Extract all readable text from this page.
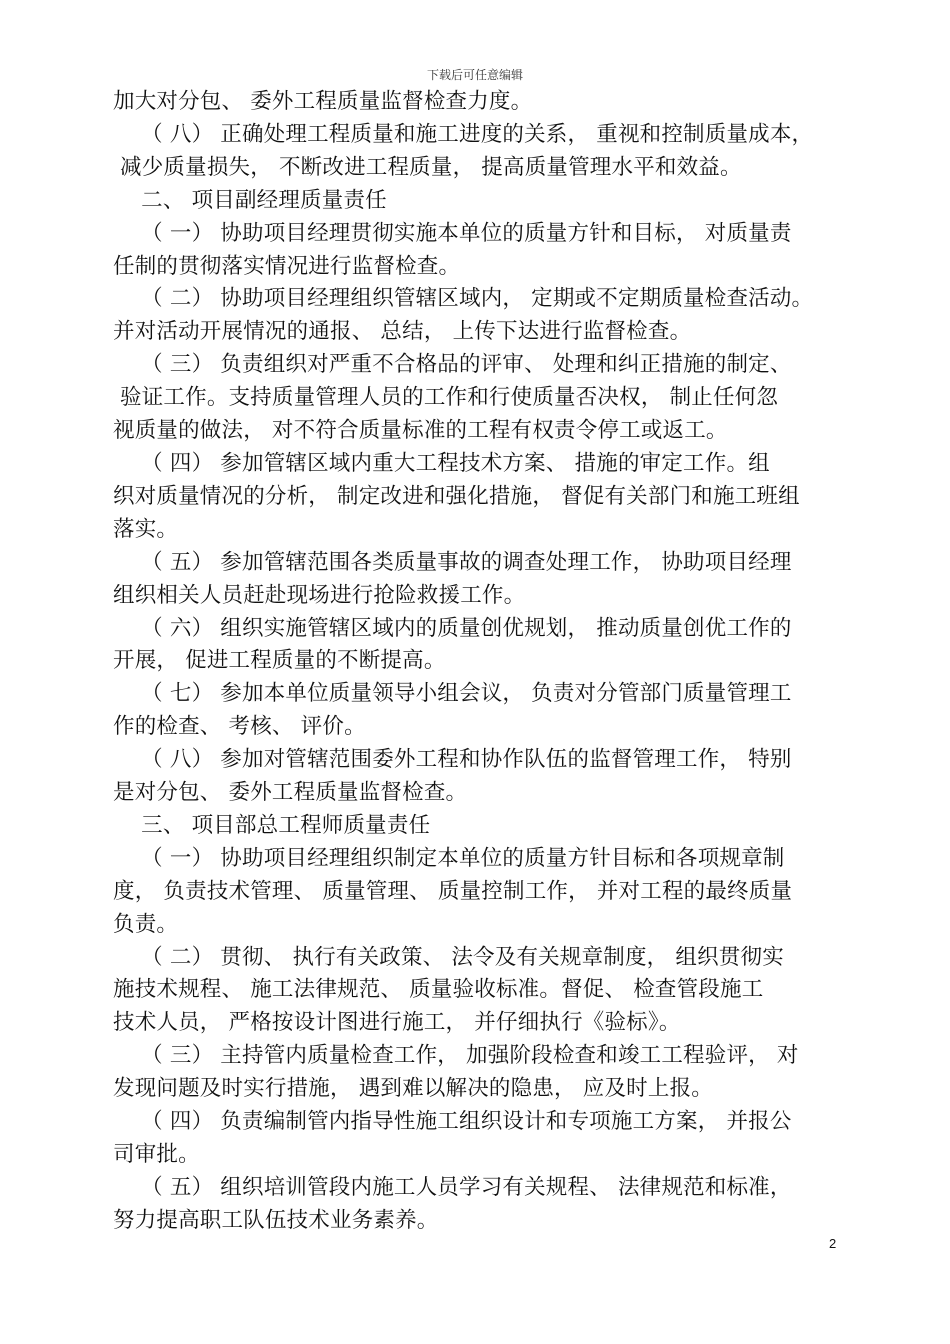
下载后可任意编辑

加大对分包、 委外工程质量监督检查力度。

（ 八） 正确处理工程质量和施工进度的关系， 重视和控制质量成本，

减少质量损失， 不断改进工程质量， 提高质量管理水平和效益。

二、 项目副经理质量责任

（ 一） 协助项目经理贯彻实施本单位的质量方针和目标， 对质量责

任制的贯彻落实情况进行监督检查。

（ 二） 协助项目经理组织管辖区域内， 定期或不定期质量检查活动。

并对活动开展情况的通报、 总结， 上传下达进行监督检查。

（ 三） 负责组织对严重不合格品的评审、 处理和纠正措施的制定、

验证工作。支持质量管理人员的工作和行使质量否决权， 制止任何忽

视质量的做法， 对不符合质量标准的工程有权责令停工或返工。

（ 四） 参加管辖区域内重大工程技术方案、 措施的审定工作。组

织对质量情况的分析， 制定改进和强化措施， 督促有关部门和施工班组

落实。

（ 五） 参加管辖范围各类质量事故的调查处理工作， 协助项目经理

组织相关人员赶赴现场进行抢险救援工作。

（ 六） 组织实施管辖区域内的质量创优规划， 推动质量创优工作的

开展， 促进工程质量的不断提高。

（ 七） 参加本单位质量领导小组会议， 负责对分管部门质量管理工

作的检查、 考核、 评价。

（ 八） 参加对管辖范围委外工程和协作队伍的监督管理工作， 特别

是对分包、 委外工程质量监督检查。

三、 项目部总工程师质量责任

（ 一） 协助项目经理组织制定本单位的质量方针目标和各项规章制

度， 负责技术管理、 质量管理、 质量控制工作， 并对工程的最终质量

负责。

（ 二） 贯彻、 执行有关政策、 法令及有关规章制度， 组织贯彻实

施技术规程、 施工法律规范、 质量验收标准。督促、 检查管段施工

技术人员， 严格按设计图进行施工， 并仔细执行《验标》。

（ 三） 主持管内质量检查工作， 加强阶段检查和竣工工程验评， 对

发现问题及时实行措施， 遇到难以解决的隐患， 应及时上报。

（ 四） 负责编制管内指导性施工组织设计和专项施工方案， 并报公

司审批。

（ 五） 组织培训管段内施工人员学习有关规程、 法律规范和标准，

努力提高职工队伍技术业务素养。

2
